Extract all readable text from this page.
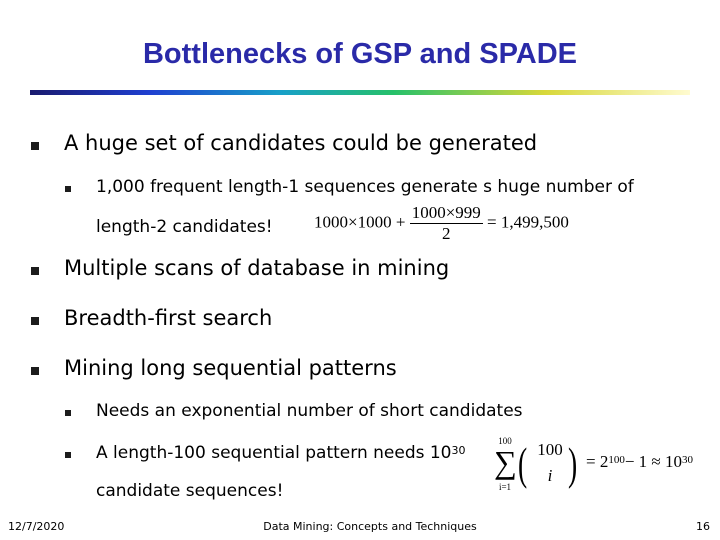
Bottlenecks of GSP and SPADE
A huge set of candidates could be generated
1,000 frequent length-1 sequences generate s huge number of
length-2 candidates! $1000\times 1000 + \frac{1000\times 999}{2} = 1,499,500$
Multiple scans of database in mining
Breadth-first search
Mining long sequential patterns
Needs an exponential number of short candidates
A length-100 sequential pattern needs $10^{30}$
candidate sequences!
100
∑
i=1 ( 100
i ) = $2^{100}- 1 \approx 10^{30}$
12/7/2020	Data Mining: Concepts and Techniques	16
